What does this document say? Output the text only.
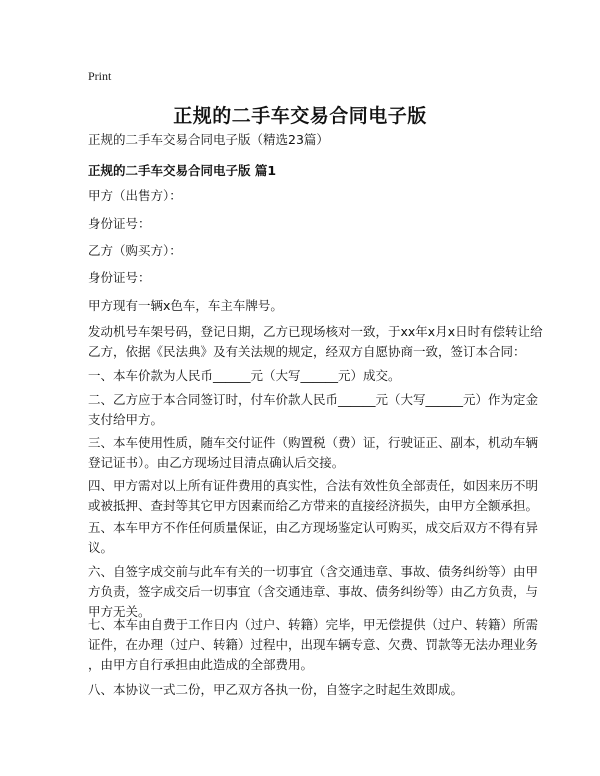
Print
正规的二手车交易合同电子版
正规的二手车交易合同电子版（精选23篇）
正规的二手车交易合同电子版 篇1
甲方（出售方）：
身份证号：
乙方（购买方）：
身份证号：
甲方现有一辆x色车，车主车牌号。
发动机号车架号码，登记日期，乙方已现场核对一致，于xx年x月x日时有偿转让给
乙方，依据《民法典》及有关法规的规定，经双方自愿协商一致，签订本合同：
一、本车价款为人民币______元（大写______元）成交。
二、乙方应于本合同签订时，付车价款人民币______元（大写______元）作为定金
支付给甲方。
三、本车使用性质，随车交付证件（购置税（费）证，行驶证正、副本，机动车辆
登记证书）。由乙方现场过目清点确认后交接。
四、甲方需对以上所有证件费用的真实性，合法有效性负全部责任，如因来历不明
或被抵押、查封等其它甲方因素而给乙方带来的直接经济损失，由甲方全额承担。
五、本车甲方不作任何质量保证，由乙方现场鉴定认可购买，成交后双方不得有异
议。
六、自签字成交前与此车有关的一切事宜（含交通违章、事故、债务纠纷等）由甲
方负责，签字成交后一切事宜（含交通违章、事故、债务纠纷等）由乙方负责，与
甲方无关。
七、本车由自费于工作日内（过户、转籍）完毕，甲无偿提供（过户、转籍）所需
证件，在办理（过户、转籍）过程中，出现车辆专意、欠费、罚款等无法办理业务
，由甲方自行承担由此造成的全部费用。
八、本协议一式二份，甲乙双方各执一份，自签字之时起生效即成。
